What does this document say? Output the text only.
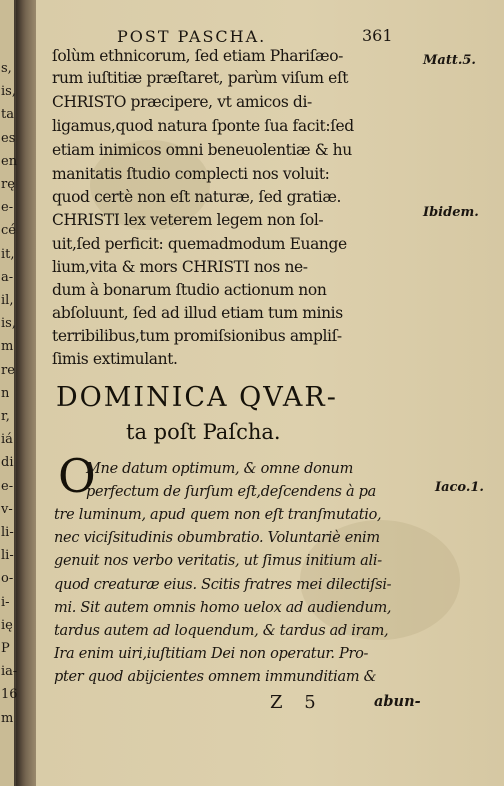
s,
is,
ta
es
en
rę
e-
cé
it,
a-
il,
is,
m
re
n
r,
iá
di
e-
v-
li-
li-
o-
i-
ię
P
ia-
16
m
POST PASCHA.	361
ſolùm ethnicorum, ſed etiam Phariſæo-
rum iuſtitiæ præſtaret, parùm viſum eſt
CHRISTO præcipere, vt amicos di-
ligamus,quod natura ſponte ſua facit:ſed
etiam inimicos omni beneuolentiæ & hu
manitatis ſtudio complecti nos voluit:
quod certè non eſt naturæ, ſed gratiæ.
CHRISTI lex veterem legem non ſol-
uit,ſed perficit: quemadmodum Euange
lium,vita & mors CHRISTI nos ne-
dum à bonarum ſtudio actionum non
abſoluunt, ſed ad illud etiam tum minis
terribilibus,tum promiſsionibus ampliſ-
ſimis extimulant.
Matt.5.
Ibidem.
Iaco.1.
DOMINICA QVAR-
ta poſt Paſcha.
O
Mne datum optimum, & omne donum
perfectum de ſurſum eſt,deſcendens à pa
tre luminum, apud quem non eſt tranſmutatio,
nec viciſsitudinis obumbratio. Voluntariè enim
genuit nos verbo veritatis, ut ſimus initium ali-
quod creaturæ eius. Scitis fratres mei dilectiſsi-
mi. Sit autem omnis homo uelox ad audiendum,
tardus autem ad loquendum, & tardus ad iram,
Ira enim uiri,iuſtitiam Dei non operatur. Pro-
pter quod abijcientes omnem immunditiam &
Z 5	abun-
